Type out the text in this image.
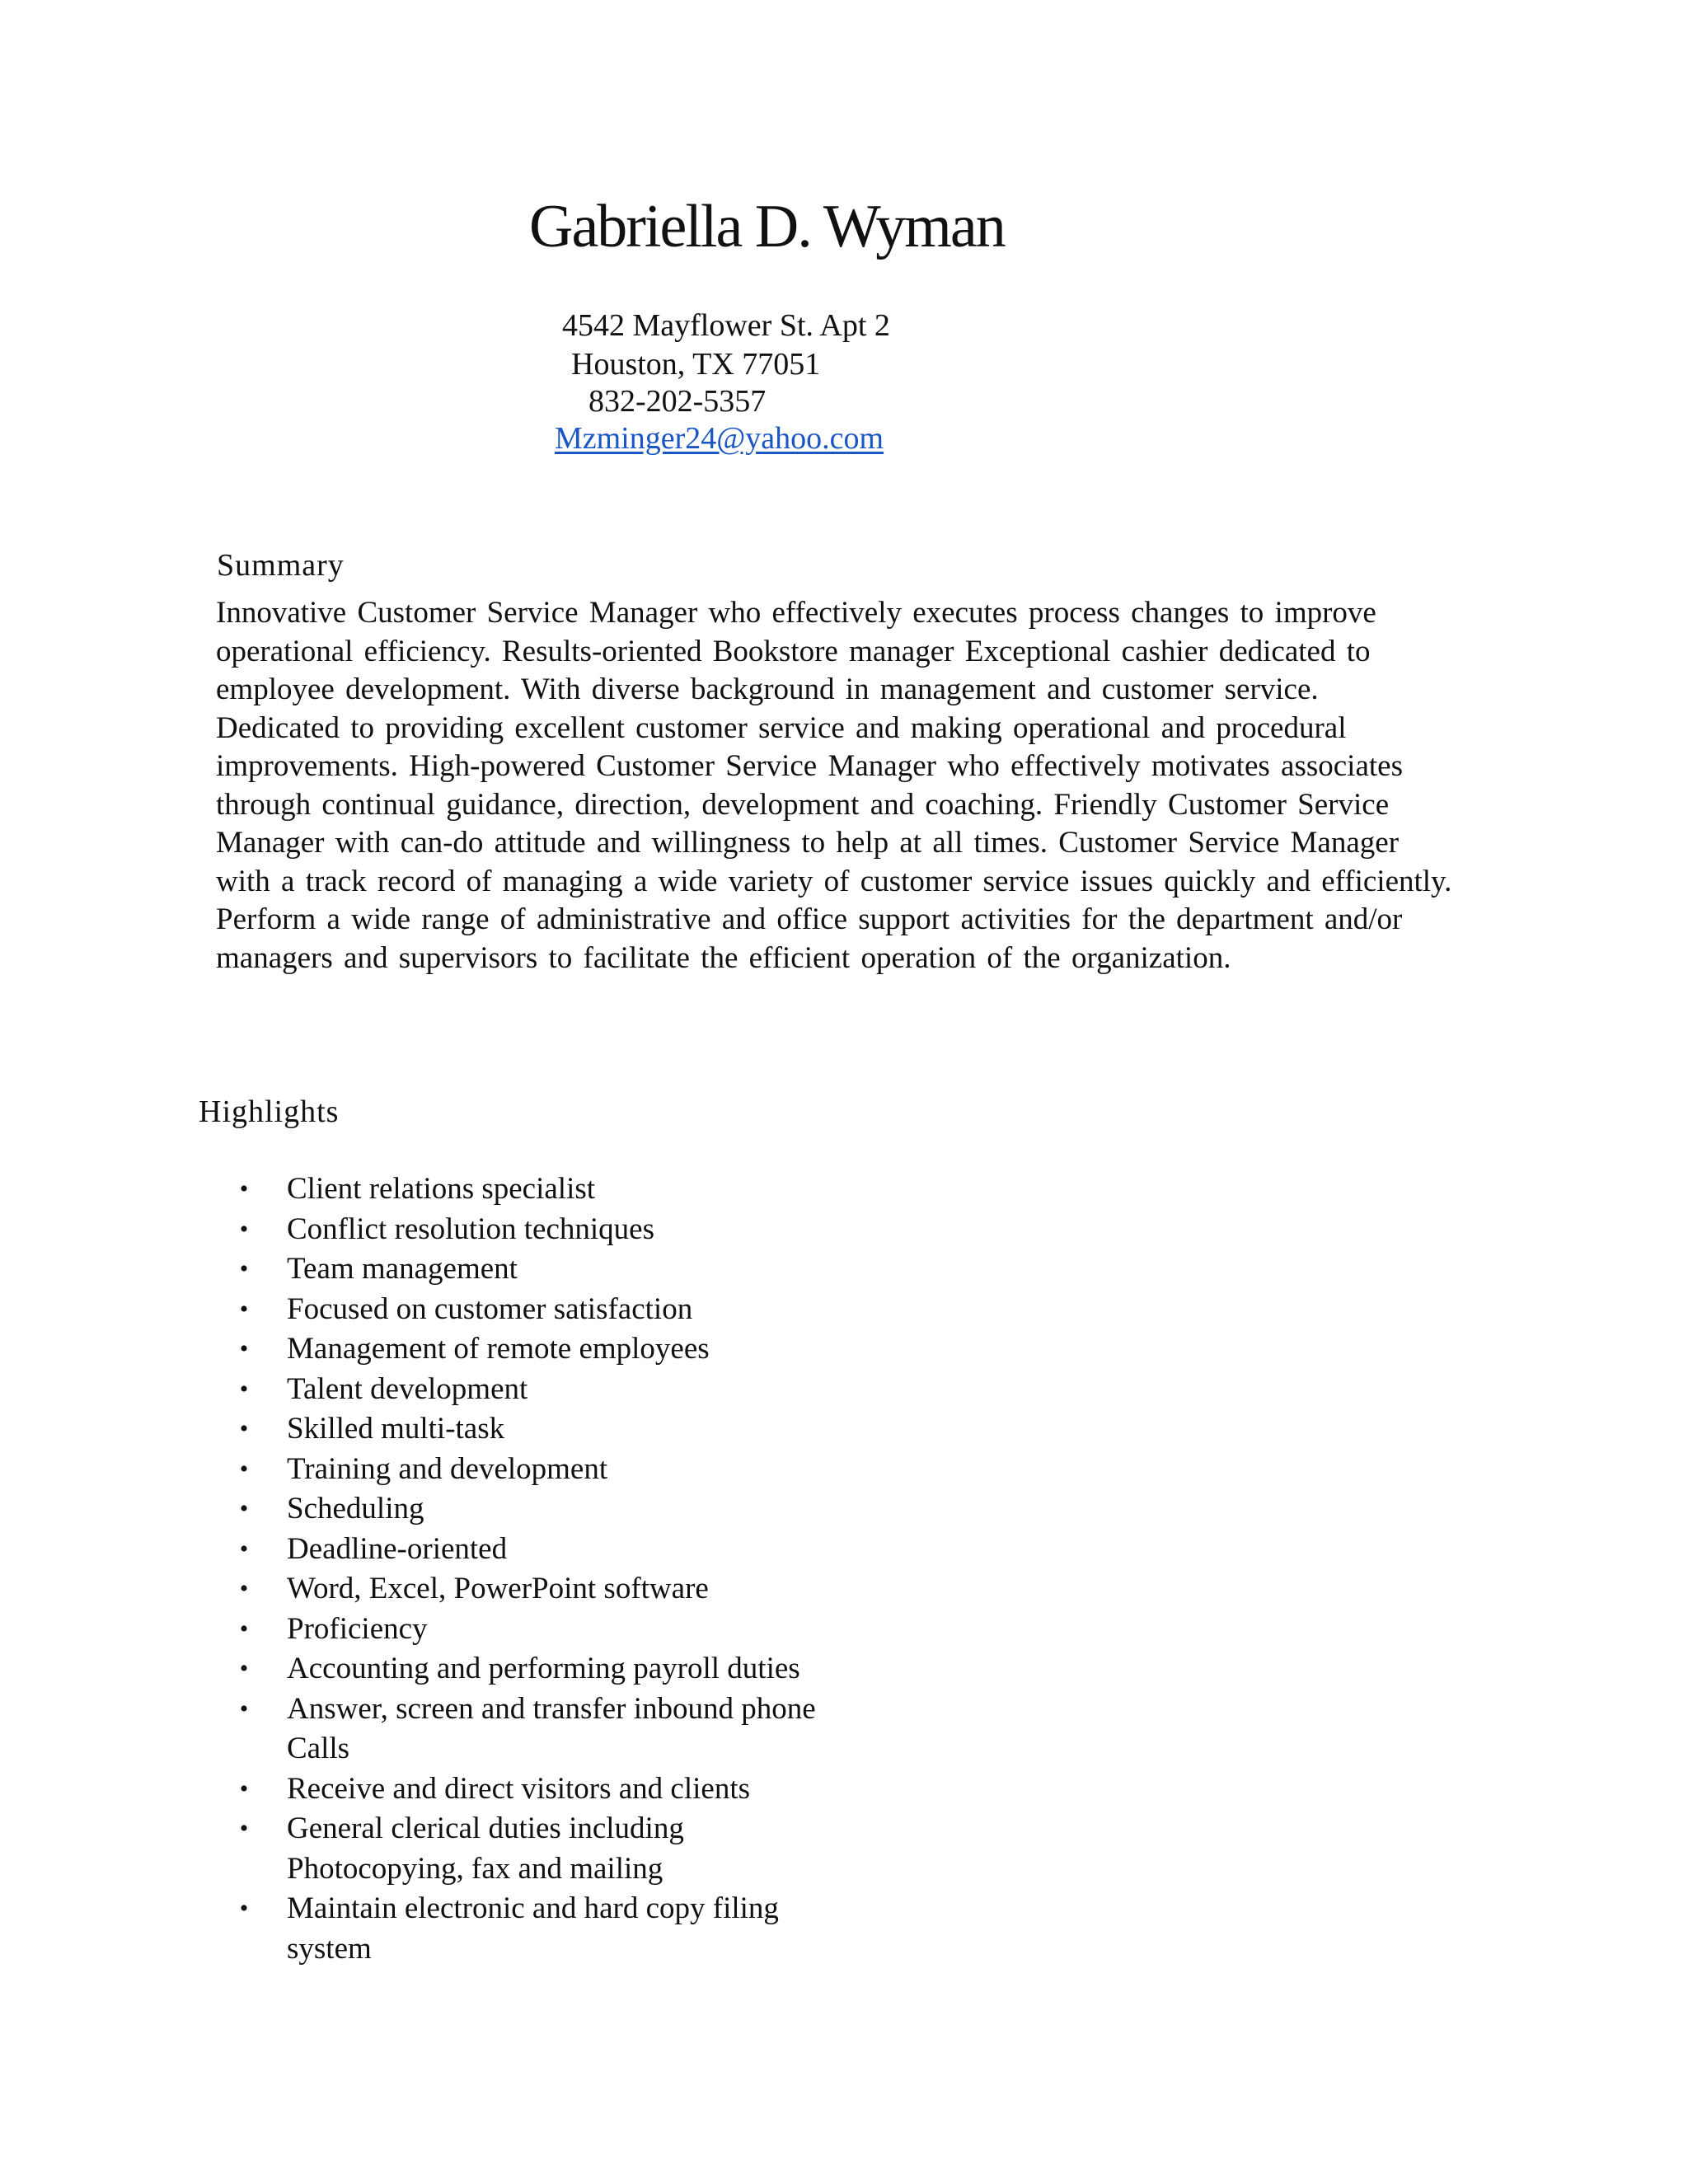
Gabriella D. Wyman
4542 Mayflower St. Apt 2
Houston, TX 77051
832-202-5357
Mzminger24@yahoo.com
Summary
Innovative Customer Service Manager who effectively executes process changes to improve operational efficiency. Results-oriented Bookstore manager Exceptional cashier dedicated to employee development. With diverse background in management and customer service. Dedicated to providing excellent customer service and making operational and procedural improvements. High-powered Customer Service Manager who effectively motivates associates through continual guidance, direction, development and coaching. Friendly Customer Service Manager with can-do attitude and willingness to help at all times. Customer Service Manager with a track record of managing a wide variety of customer service issues quickly and efficiently. Perform a wide range of administrative and office support activities for the department and/or managers and supervisors to facilitate the efficient operation of the organization.
Highlights
• Client relations specialist
• Conflict resolution techniques
• Team management
• Focused on customer satisfaction
• Management of remote employees
• Talent development
• Skilled multi-task
• Training and development
• Scheduling
• Deadline-oriented
• Word, Excel, PowerPoint software
• Proficiency
• Accounting and performing payroll duties
• Answer, screen and transfer inbound phone
Calls
• Receive and direct visitors and clients
• General clerical duties including
Photocopying, fax and mailing
• Maintain electronic and hard copy filing
system
